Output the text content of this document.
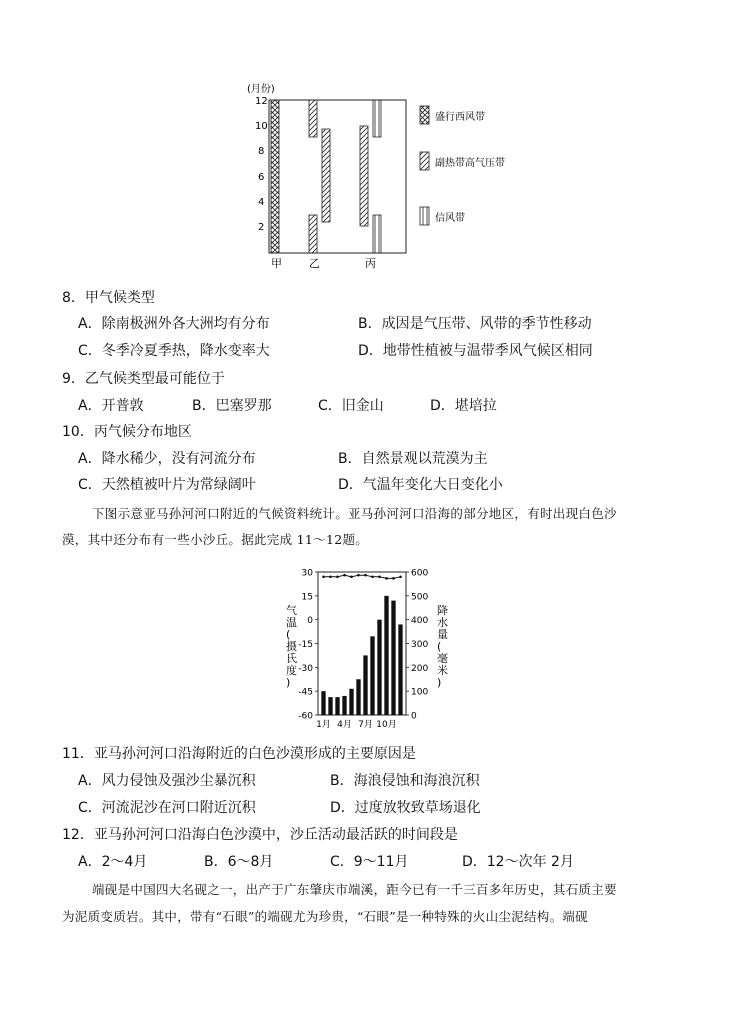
(月份)
12
10
8
6
4
2
甲 乙	丙
盛行西风带
副热带高气压带
信风带
8．甲气候类型
A．除南极洲外各大洲均有分布	B．成因是气压带、风带的季节性移动
C．冬季冷夏季热，降水变率大	D．地带性植被与温带季风气候区相同
9．乙气候类型最可能位于
A．开普敦	B．巴塞罗那	C．旧金山	D．堪培拉
10．丙气候分布地区
A．降水稀少，没有河流分布	B．自然景观以荒漠为主
C．天然植被叶片为常绿阔叶	D．气温年变化大日变化小
下图示意亚马孙河河口附近的气候资料统计。亚马孙河河口沿海的部分地区，有时出现白色沙
漠，其中还分布有一些小沙丘。据此完成 11～12题。
气温(摄氏度)
降水量(毫米)
30
15
0
-15
-30
-45
-60
600
500
400
300
200
100
0
1月 4月 7月 10月
11．亚马孙河河口沿海附近的白色沙漠形成的主要原因是
A．风力侵蚀及强沙尘暴沉积	B．海浪侵蚀和海浪沉积
C．河流泥沙在河口附近沉积	D．过度放牧致草场退化
12．亚马孙河河口沿海白色沙漠中，沙丘活动最活跃的时间段是
A．2～4月	B．6～8月	C．9～11月	D．12～次年 2月
端砚是中国四大名砚之一，出产于广东肇庆市端溪，距今已有一千三百多年历史，其石质主要
为泥质变质岩。其中，带有“石眼”的端砚尤为珍贵，“石眼”是一种特殊的火山尘泥结构。端砚
